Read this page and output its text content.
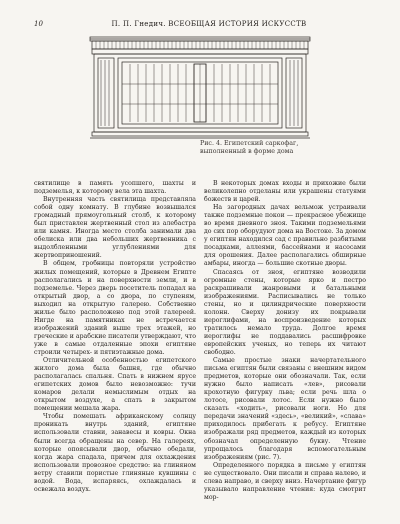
10	П. П. Гнедич. ВСЕОБЩАЯ ИСТОРИЯ ИСКУССТВ
Рис. 4. Египетский саркофаг,
выполненный в форме дома

святилище в память усопшего, шахты и подземелья, к которому вела эта шахта.

Внутренняя часть святилища представляла собой одну комнату. В глубине возвышался громадный прямоугольный столб, к которому был приставлен жертвенный стол из алебастра или камня. Иногда место столба занимали два обелиска или два небольших жертвенника с выдолбленными углублениями для жертвоприношений.

В общем, гробницы повторяли устройство жилых помещений, которые в Древнем Египте располагались и на поверхности земли, и в подземелье. Через дверь посетитель попадал на открытый двор, а со двора, по ступеням, выходил на открытую галерею. Собственно жилье было расположено под этой галереей. Нигде на памятниках не встречается изображений зданий выше трех этажей, но греческие и арабские писатели утверждают, что уже в самые отдаленные эпохи египтяне строили четырех- и пятиэтажные дома.

Отличительной особенностью египетского жилого дома была башня, где обычно располагалась спальня. Спать в нижнем ярусе египетских домов было невозможно: тучи комаров делали немыслимым отдых на открытом воздухе, а спать в закрытом помещении мешала жара.

Чтобы помешать африканскому солнцу проникать внутрь зданий, египтяне использовали ставни, занавесы и ковры. Окна были всегда обращены на север. На галереях, которые опоясывали двор, обычно обедали, когда жара спадала, причем для охлаждения использовали провозное средство: на глиняном ветру ставили пористые глиняные кувшины с водой. Вода, испаряясь, охлаждалась и освежала воздух.

В некоторых домах входы и прихожие были великолепно отделаны или украшены статуями божеств и царей.

На загородных дачах вельмож устраивали также подземные покои — прекрасное убежище во время дневного зноя. Такими подземельями до сих пор оборудуют дома на Востоке. За домом у египтян находился сад с правильно разбитыми посадками, аллеями, бассейнами и насосами для орошения. Далее располагались обширные амбары, иногда — большие скотные дворы.

Спасаясь от зноя, египтяне возводили огромные стены, которые ярко и пестро раскрашивали жанровыми и батальными изображениями. Расписывались не только стены, но и цилиндрические поверхности колонн. Сверху донизу их покрывали иероглифами, на воспроизведение которых тратилось немало труда. Долгое время иероглифы не поддавались расшифровке европейских ученых, но теперь их читают свободно.

Самые простые знаки начертательного письма египтян были связаны с внешним видом предметов, которые они обозначали. Так, если нужно было написать «лев», рисовали крохотную фигурку льва; если речь шла о лотосе, рисовали лотос. Если нужно было сказать «ходить», рисовали ноги. Но для передачи значений «здесь», «великий», «слава» приходилось прибегать к ребусу. Египтяне изображали ряд предметов, каждый из которых обозначал определенную букву. Чтение упрощалось благодаря вспомогательным изображениям (рис. 7).

Определенного порядка в письме у египтян не существовало. Они писали и справа налево, и слева направо, и сверху вниз. Начертание фигур указывало направление чтения: куда смотрит мор-
